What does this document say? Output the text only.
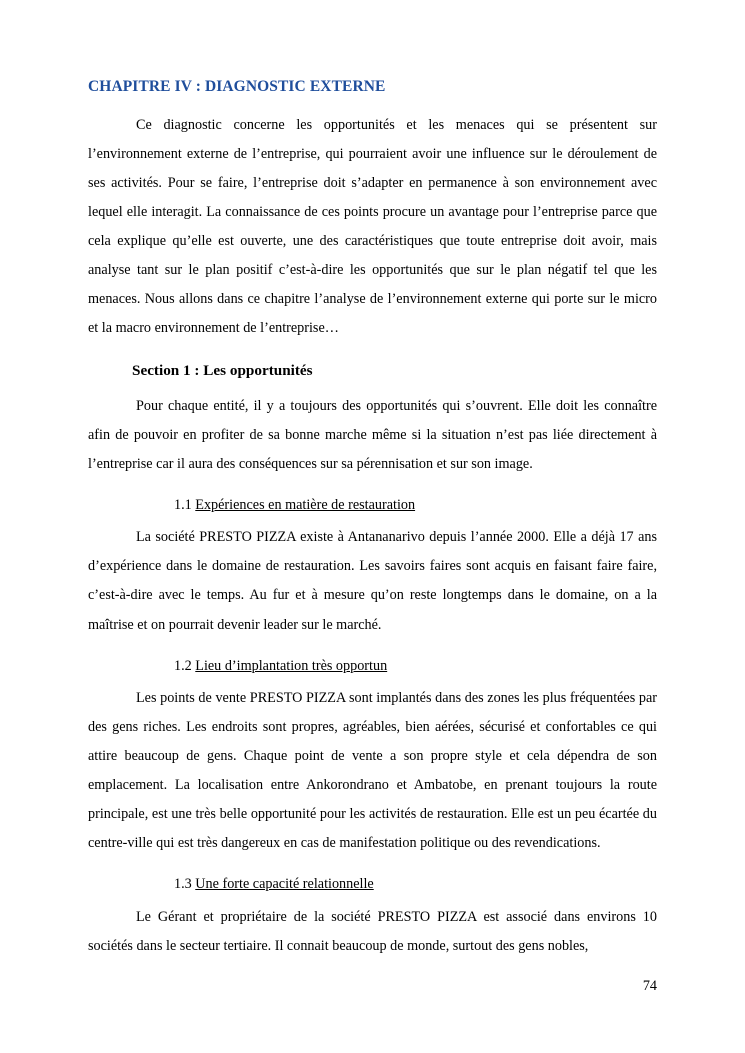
CHAPITRE IV : DIAGNOSTIC EXTERNE

Ce diagnostic concerne les opportunités et les menaces qui se présentent sur l’environnement externe de l’entreprise, qui pourraient avoir une influence sur le déroulement de ses activités. Pour se faire, l’entreprise doit s’adapter en permanence à son environnement avec lequel elle interagit. La connaissance de ces points procure un avantage pour l’entreprise parce que cela explique qu’elle est ouverte, une des caractéristiques que toute entreprise doit avoir, mais analyse tant sur le plan positif c’est-à-dire les opportunités que sur le plan négatif tel que les menaces. Nous allons dans ce chapitre l’analyse de l’environnement externe qui porte sur le micro et la macro environnement de l’entreprise…

Section 1 : Les opportunités

Pour chaque entité, il y a toujours des opportunités qui s’ouvrent. Elle doit les connaître afin de pouvoir en profiter de sa bonne marche même si la situation n’est pas liée directement à l’entreprise car il aura des conséquences sur sa pérennisation et sur son image.

1.1 Expériences en matière de restauration

La société PRESTO PIZZA existe à Antananarivo depuis l’année 2000. Elle a déjà 17 ans d’expérience dans le domaine de restauration. Les savoirs faires sont acquis en faisant faire faire, c’est-à-dire avec le temps. Au fur et à mesure qu’on reste longtemps dans le domaine, on a la maîtrise et on pourrait devenir leader sur le marché.

1.2 Lieu d’implantation très opportun

Les points de vente PRESTO PIZZA sont implantés dans des zones les plus fréquentées par des gens riches. Les endroits sont propres, agréables, bien aérées, sécurisé et confortables ce qui attire beaucoup de gens. Chaque point de vente a son propre style et cela dépendra de son emplacement. La localisation entre Ankorondrano et Ambatobe, en prenant toujours la route principale, est une très belle opportunité pour les activités de restauration. Elle est un peu écartée du centre-ville qui est très dangereux en cas de manifestation politique ou des revendications.

1.3 Une forte capacité relationnelle

Le Gérant et propriétaire de la société PRESTO PIZZA est associé dans environs 10 sociétés dans le secteur tertiaire. Il connait beaucoup de monde, surtout des gens nobles,

74
